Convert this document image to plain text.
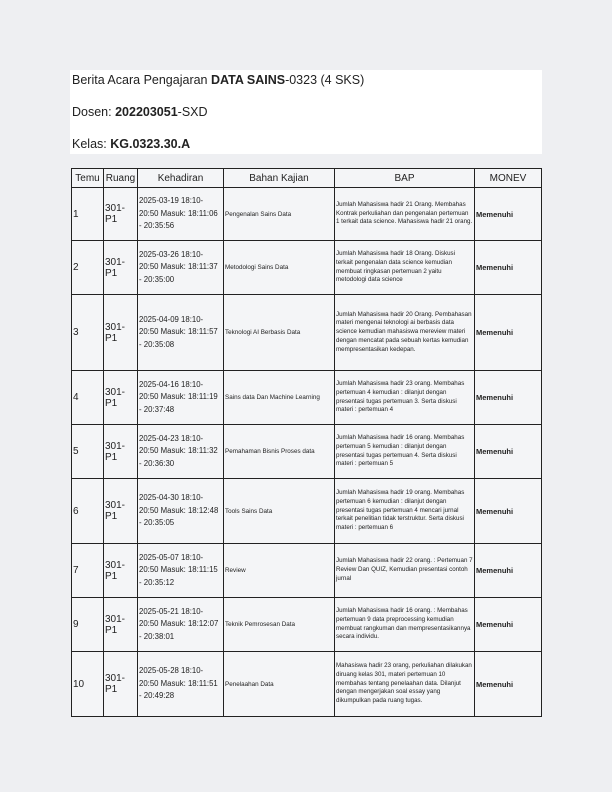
Berita Acara Pengajaran DATA SAINS-0323 (4 SKS)
Dosen: 202203051-SXD
Kelas: KG.0323.30.A
Temu	Ruang	Kehadiran	Bahan Kajian	BAP	MONEV
1	301-P1	2025-03-19 18:10-20:50 Masuk: 18:11:06 - 20:35:56	Pengenalan Sains Data	Jumlah Mahasiswa hadir 21 Orang. Membahas Kontrak perkuliahan dan pengenalan pertemuan 1 terkait data science. Mahasiswa hadir 21 orang.	Memenuhi
2	301-P1	2025-03-26 18:10-20:50 Masuk: 18:11:37 - 20:35:00	Metodologi Sains Data	Jumlah Mahasiswa hadir 18 Orang. Diskusi terkait pengenalan data science kemudian membuat ringkasan pertemuan 2 yaitu metodologi data science	Memenuhi
3	301-P1	2025-04-09 18:10-20:50 Masuk: 18:11:57 - 20:35:08	Teknologi AI Berbasis Data	Jumlah Mahasiswa hadir 20 Orang. Pembahasan materi mengenai teknologi ai berbasis data science kemudian mahasiswa mereview materi dengan mencatat pada sebuah kertas kemudian mempresentasikan kedepan.	Memenuhi
4	301-P1	2025-04-16 18:10-20:50 Masuk: 18:11:19 - 20:37:48	Sains data Dan Machine Learning	Jumlah Mahasiswa hadir 23 orang. Membahas pertemuan 4 kemudian : dilanjut dengan presentasi tugas pertemuan 3. Serta diskusi materi : pertemuan 4	Memenuhi
5	301-P1	2025-04-23 18:10-20:50 Masuk: 18:11:32 - 20:36:30	Pemahaman Bisnis Proses data	Jumlah Mahasiswa hadir 16 orang. Membahas pertemuan 5 kemudian : dilanjut dengan presentasi tugas pertemuan 4. Serta diskusi materi : pertemuan 5	Memenuhi
6	301-P1	2025-04-30 18:10-20:50 Masuk: 18:12:48 - 20:35:05	Tools Sains Data	Jumlah Mahasiswa hadir 19 orang. Membahas pertemuan 6 kemudian : dilanjut dengan presentasi tugas pertemuan 4 mencari jurnal terkait penelitian tidak terstruktur. Serta diskusi materi : pertemuan 6	Memenuhi
7	301-P1	2025-05-07 18:10-20:50 Masuk: 18:11:15 - 20:35:12	Review	Jumlah Mahasiswa hadir 22 orang. : Pertemuan 7 Review Dan QUIZ, Kemudian presentasi contoh jurnal	Memenuhi
9	301-P1	2025-05-21 18:10-20:50 Masuk: 18:12:07 - 20:38:01	Teknik Pemrosesan Data	Jumlah Mahasiswa hadir 16 orang. : Membahas pertemuan 9 data preprocessing kemudian membuat rangkuman dan mempresentasikannya secara individu.	Memenuhi
10	301-P1	2025-05-28 18:10-20:50 Masuk: 18:11:51 - 20:49:28	Penelaahan Data	Mahasiswa hadir 23 orang, perkuliahan dilakukan diruang kelas 301, materi pertemuan 10 membahas tentang penelaahan data. Dilanjut dengan mengerjakan soal essay yang dikumpulkan pada ruang tugas.	Memenuhi
